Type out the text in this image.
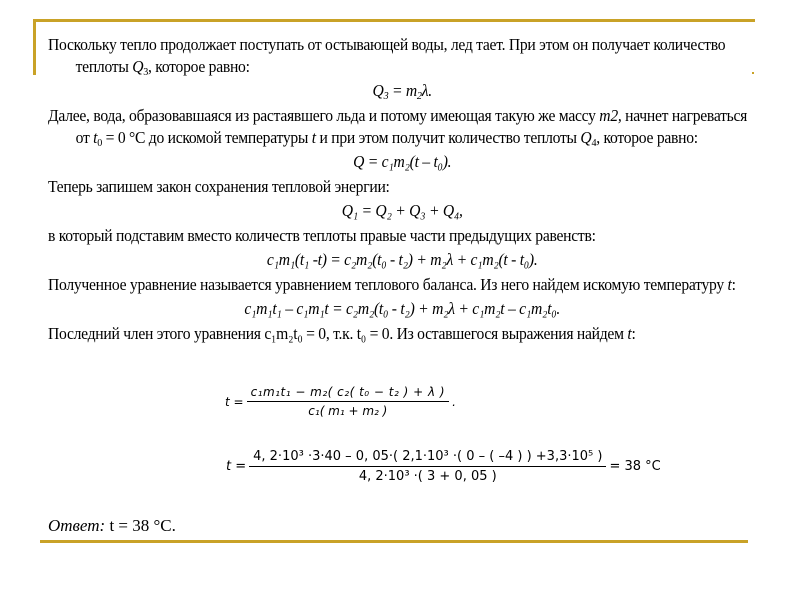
Поскольку тепло продолжает поступать от остывающей воды, лед тает. При этом он получает количество теплоты $Q_3$, которое равно:

$Q_3 = m_2\lambda$.

Далее, вода, образовавшаяся из растаявшего льда и потому имеющая такую же массу m2, начнет нагреваться от $t_0 = 0$ °С до искомой температуры t и при этом получит количество теплоты $Q_4$, которое равно:

Q = c₁m₂(t – t₀).

Теперь запишем закон сохранения тепловой энергии:

Q₁ = Q₂ + Q₃ + Q₄,

в который подставим вместо количеств теплоты правые части предыдущих равенств:

c₁m₁(t₁ -t) = c₂m₂(t₀ - t₂) + m₂λ + c₁m₂(t - t₀).

Полученное уравнение называется уравнением теплового баланса. Из него найдем искомую температуру t:

c₁m₁t₁ – c₁m₁t = c₂m₂(t₀ - t₂) + m₂λ + c₁m₂t – c₁m₂t₀.

Последний член этого уравнения c₁m₂t₀ = 0, т.к. t₀ = 0. Из оставшегося выражения найдем t:

$t = \frac{\text{c₁m₁t₁ − m₂( c₂( t₀ − t₂ ) + λ )}}{\text{c₁( m₁ + m₂ )}}$ .
$t = \frac{\text{4, 2·10³ ·3·40 – 0, 05·( 2,1·10³ ·( 0 – ( –4 ) ) +3,3·10⁵ )}}{\text{4, 2·10³ ·( 3 + 0, 05 )}} = 38$ °C
Ответ: t = 38 °С.
